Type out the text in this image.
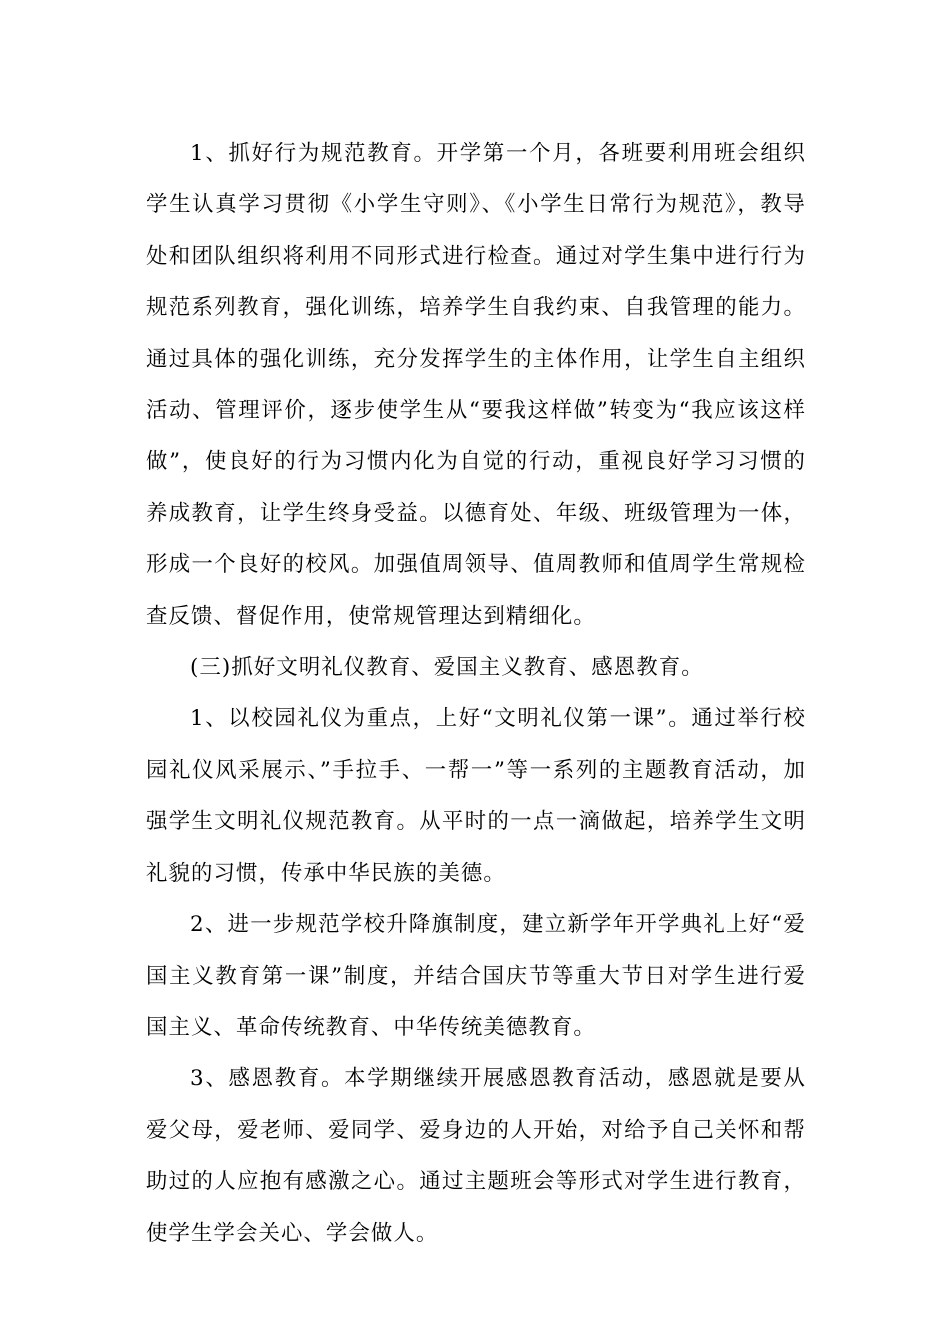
1、抓好行为规范教育。开学第一个月，各班要利用班会组织学生认真学习贯彻《小学生守则》、《小学生日常行为规范》，教导处和团队组织将利用不同形式进行检查。通过对学生集中进行行为规范系列教育，强化训练，培养学生自我约束、自我管理的能力。通过具体的强化训练，充分发挥学生的主体作用，让学生自主组织活动、管理评价，逐步使学生从“要我这样做”转变为“我应该这样做”，使良好的行为习惯内化为自觉的行动，重视良好学习习惯的养成教育，让学生终身受益。以德育处、年级、班级管理为一体，形成一个良好的校风。加强值周领导、值周教师和值周学生常规检查反馈、督促作用，使常规管理达到精细化。

(三)抓好文明礼仪教育、爱国主义教育、感恩教育。

1、以校园礼仪为重点，上好“文明礼仪第一课”。通过举行校园礼仪风采展示、”手拉手、一帮一”等一系列的主题教育活动，加强学生文明礼仪规范教育。从平时的一点一滴做起，培养学生文明礼貌的习惯，传承中华民族的美德。

2、进一步规范学校升降旗制度，建立新学年开学典礼上好“爱国主义教育第一课”制度，并结合国庆节等重大节日对学生进行爱国主义、革命传统教育、中华传统美德教育。

3、感恩教育。本学期继续开展感恩教育活动，感恩就是要从爱父母，爱老师、爱同学、爱身边的人开始，对给予自己关怀和帮助过的人应抱有感激之心。通过主题班会等形式对学生进行教育，使学生学会关心、学会做人。
